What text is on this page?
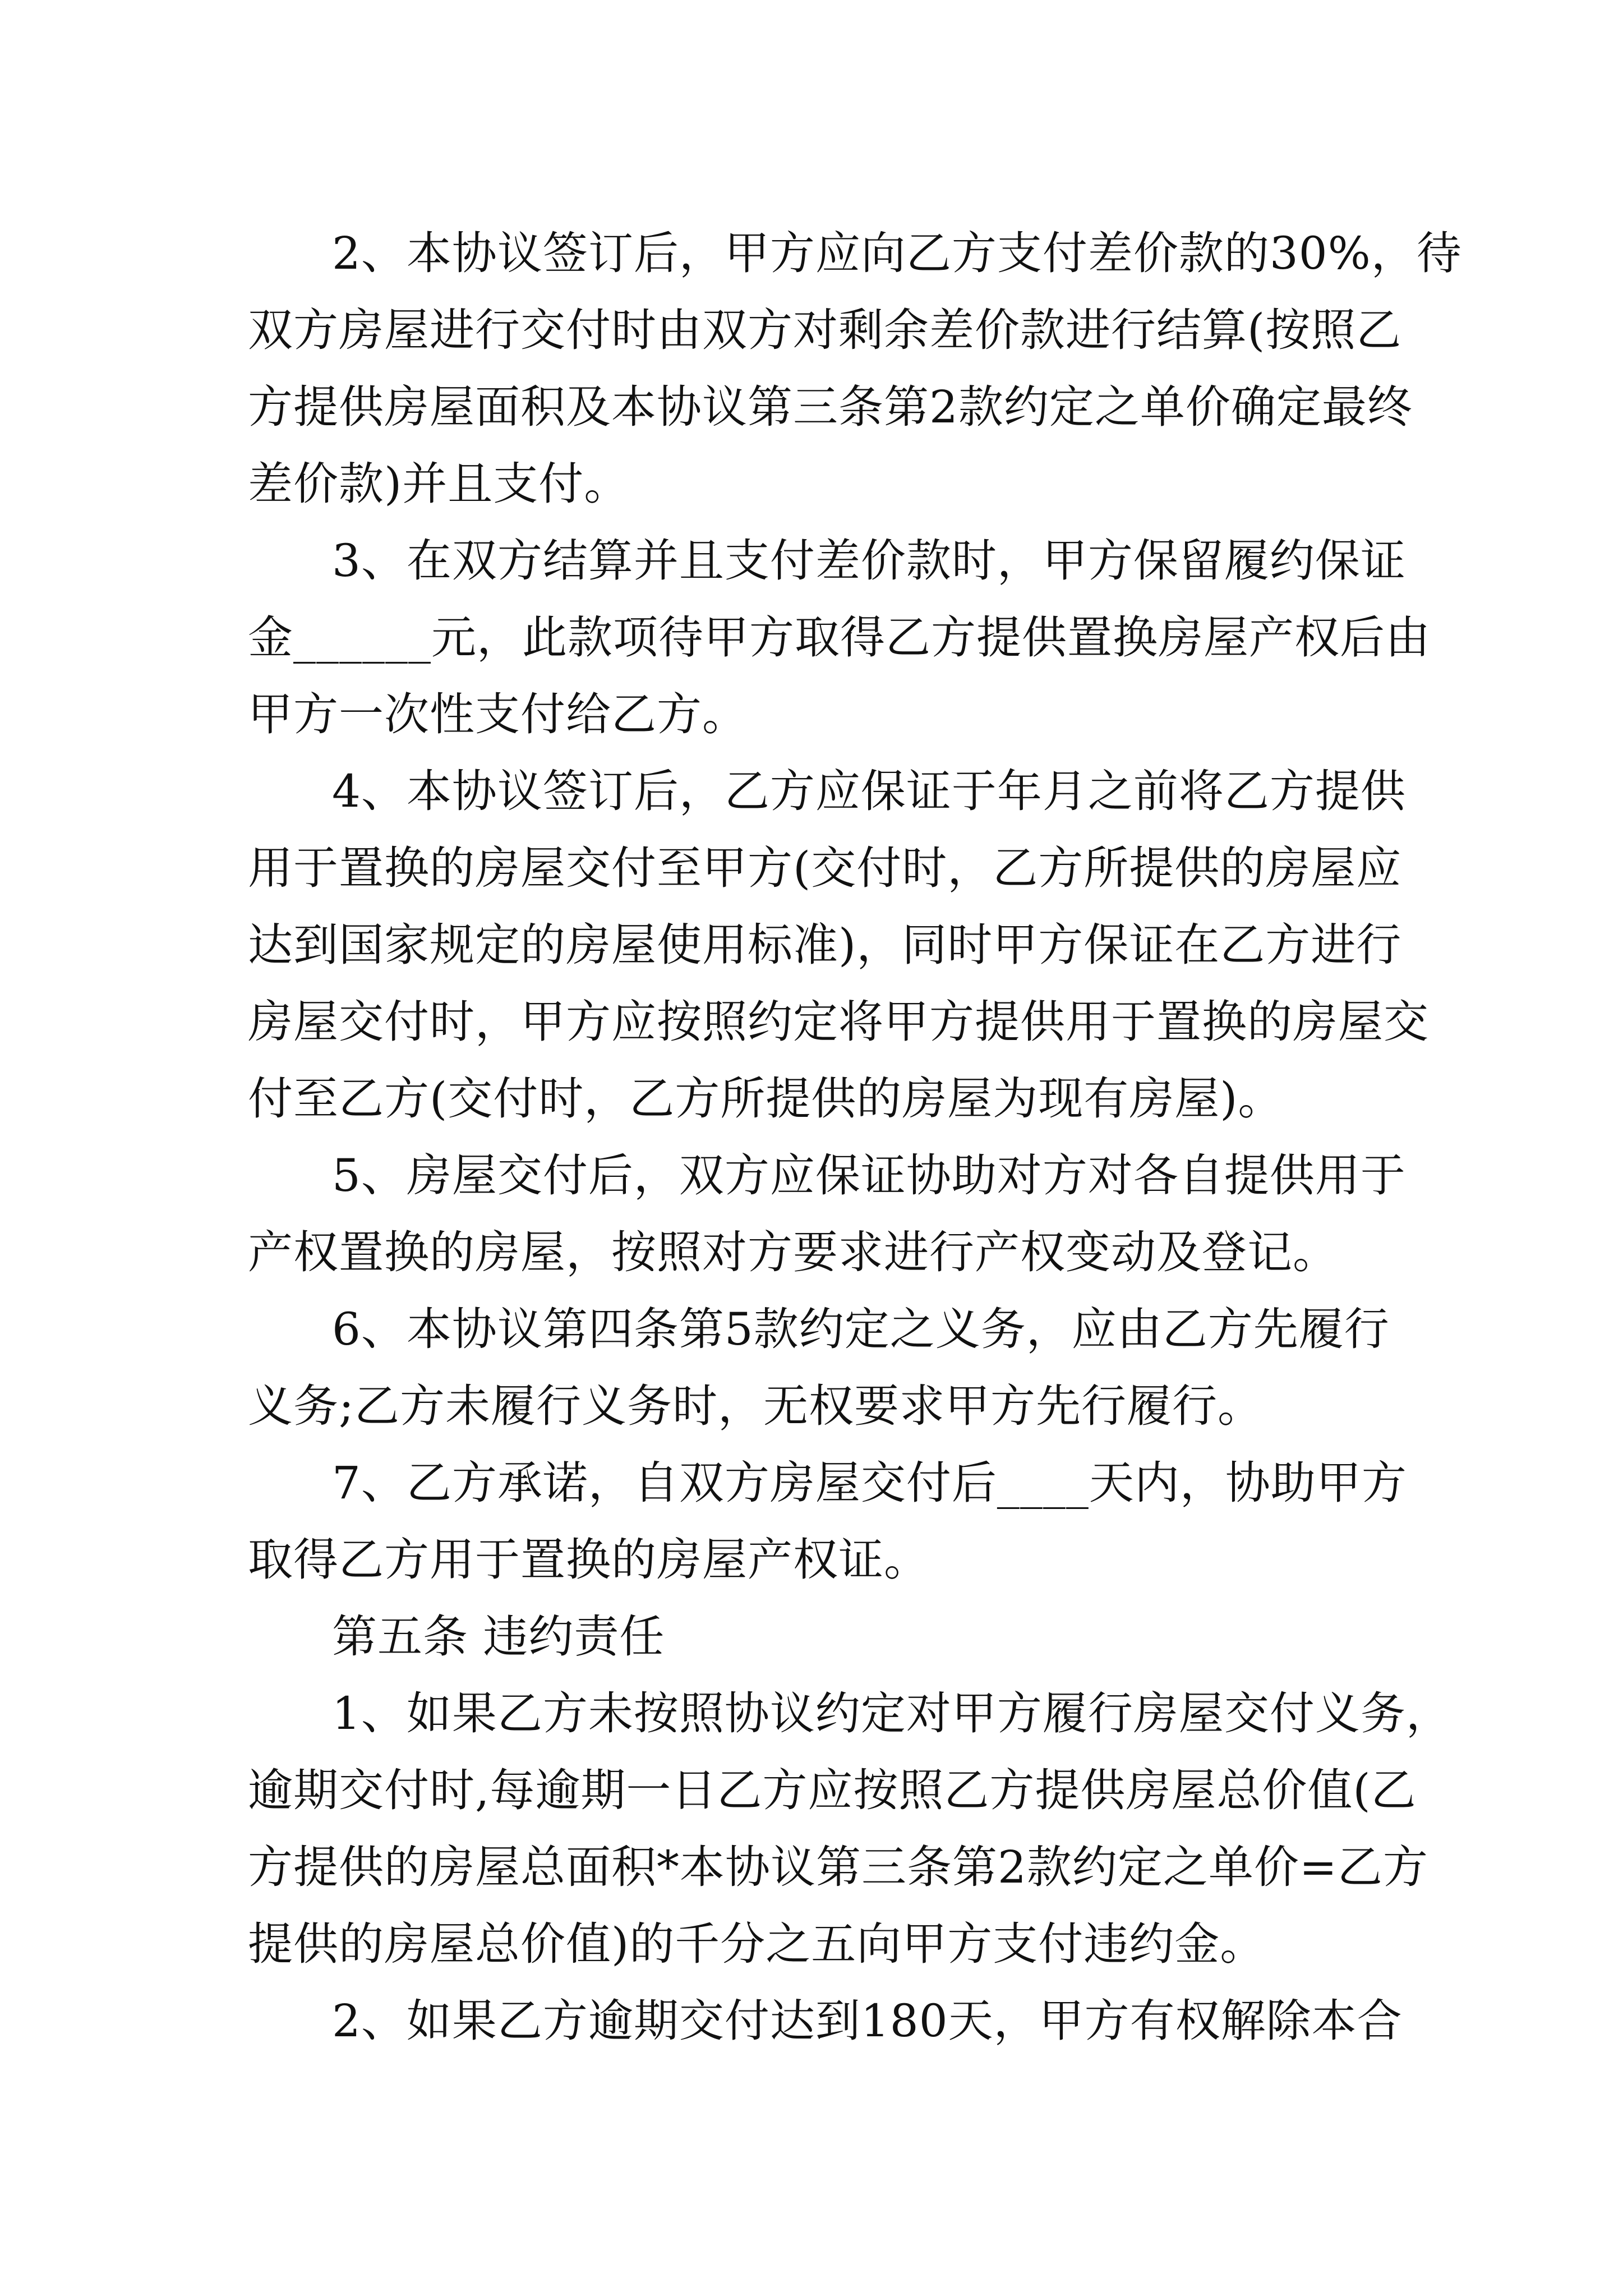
2、本协议签订后，甲方应向乙方支付差价款的30%，待
双方房屋进行交付时由双方对剩余差价款进行结算(按照乙
方提供房屋面积及本协议第三条第2款约定之单价确定最终
差价款)并且支付。
3、在双方结算并且支付差价款时，甲方保留履约保证
金______元，此款项待甲方取得乙方提供置换房屋产权后由
甲方一次性支付给乙方。
4、本协议签订后，乙方应保证于年月之前将乙方提供
用于置换的房屋交付至甲方(交付时，乙方所提供的房屋应
达到国家规定的房屋使用标准)，同时甲方保证在乙方进行
房屋交付时，甲方应按照约定将甲方提供用于置换的房屋交
付至乙方(交付时，乙方所提供的房屋为现有房屋)。
5、房屋交付后，双方应保证协助对方对各自提供用于
产权置换的房屋，按照对方要求进行产权变动及登记。
6、本协议第四条第5款约定之义务，应由乙方先履行
义务;乙方未履行义务时，无权要求甲方先行履行。
7、乙方承诺，自双方房屋交付后____天内，协助甲方
取得乙方用于置换的房屋产权证。
第五条 违约责任
1、如果乙方未按照协议约定对甲方履行房屋交付义务，
逾期交付时,每逾期一日乙方应按照乙方提供房屋总价值(乙
方提供的房屋总面积*本协议第三条第2款约定之单价=乙方
提供的房屋总价值)的千分之五向甲方支付违约金。
2、如果乙方逾期交付达到180天，甲方有权解除本合
